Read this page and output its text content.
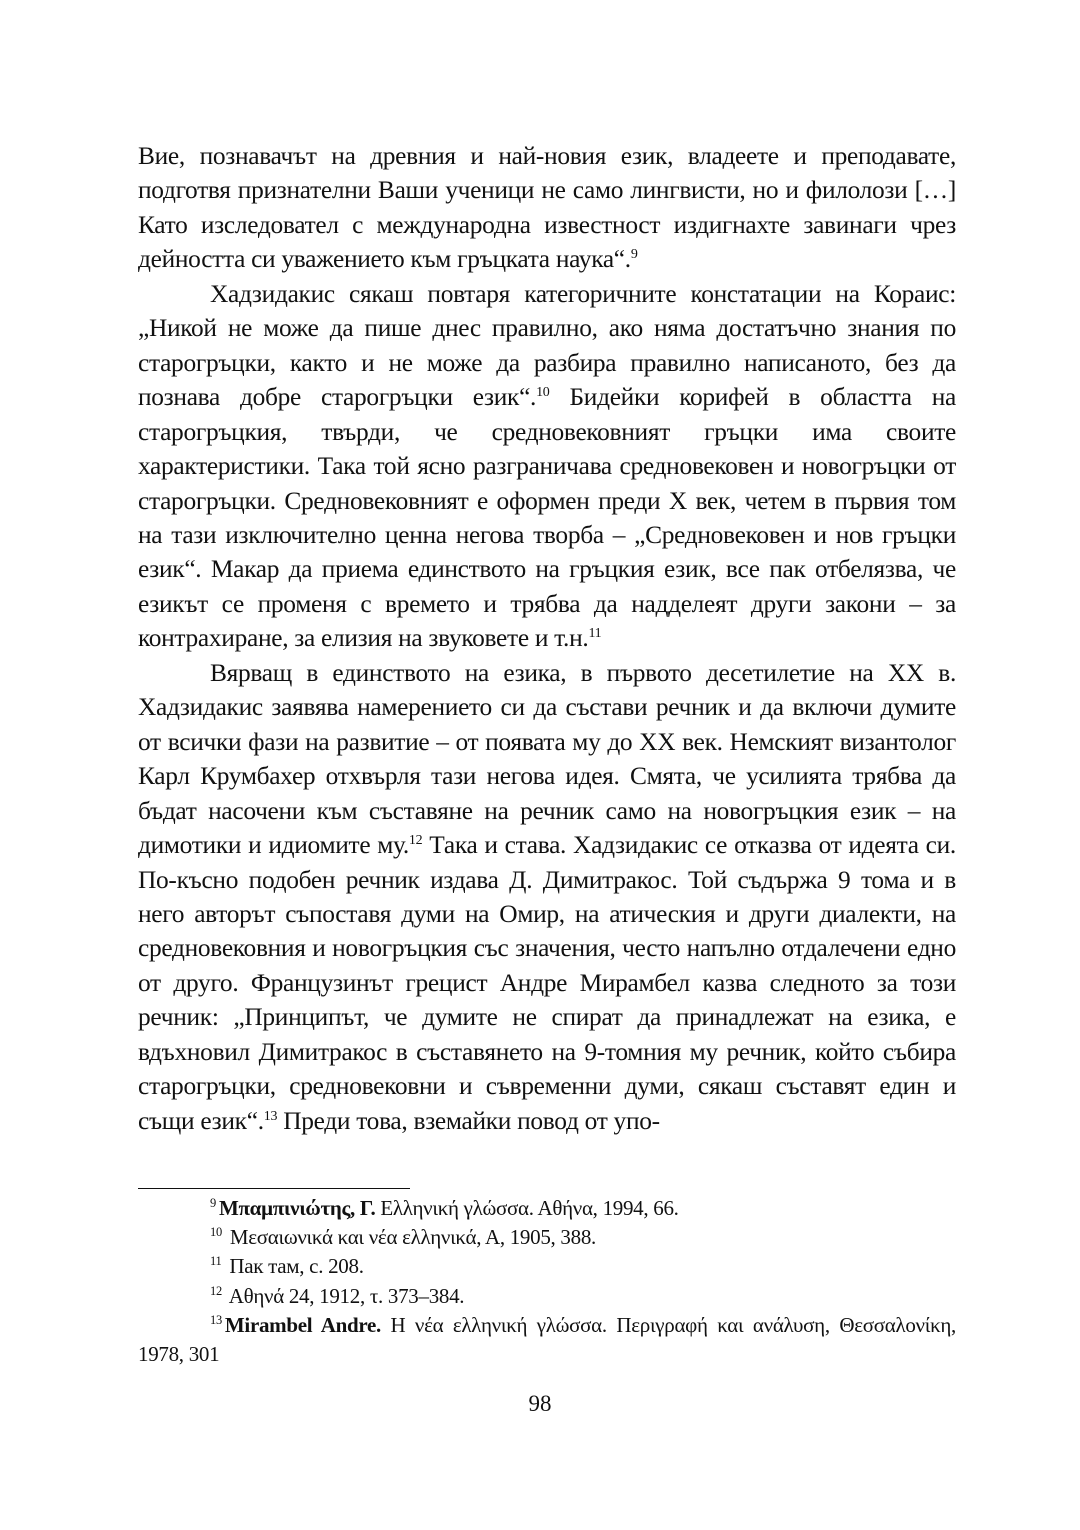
Вие, познавачът на древния и най-новия език, владеете и преподавате, подготвя признателни Ваши ученици не само лингвисти, но и филолози […] Като изследовател с международна известност издигнахте завинаги чрез дейността си уважението към гръцката наука“.$^9$

Хадзидакис сякаш повтаря категоричните констатации на Кораис: „Никой не може да пише днес правилно, ако няма достатъчно знания по старогръцки, както и не може да разбира правилно написаното, без да познава добре старогръцки език“.$^{10}$ Бидейки корифей в областта на старогръцкия, твърди, че средновековният гръцки има своите характеристики. Така той ясно разграничава средновековен и новогръцки от старогръцки. Средновековният е оформен преди X век, четем в първия том на тази изключително ценна негова творба – „Средновековен и нов гръцки език“. Макар да приема единството на гръцкия език, все пак отбелязва, че езикът се променя с времето и трябва да надделеят други закони – за контрахиране, за елизия на звуковете и т.н.$^{11}$

Вярващ в единството на езика, в първото десетилетие на XX в. Хадзидакис заявява намерението си да състави речник и да включи думите от всички фази на развитие – от появата му до XX век. Немският византолог Карл Крумбахер отхвърля тази негова идея. Смята, че усилията трябва да бъдат насочени към съставяне на речник само на новогръцкия език – на димотики и идиомите му.$^{12}$ Така и става. Хадзидакис се отказва от идеята си. По-късно подобен речник издава Д. Димитракос. Той съдържа 9 тома и в него авторът съпоставя думи на Омир, на атическия и други диалекти, на средновековния и новогръцкия със значения, често напълно отдалечени едно от друго. Французинът грецист Андре Мирамбел казва следното за този речник: „Принципът, че думите не спират да принадлежат на езика, е вдъхновил Димитракос в съставянето на 9-томния му речник, който събира старогръцки, средновековни и съвременни думи, сякаш съставят един и същи език“.$^{13}$ Преди това, вземайки повод от упо-

$^9$ Μπαμπινιώτης, Γ. Ελληνική γλώσσα. Αθήνα, 1994, 66.

$^{10}$ Μεσαιωνικά και νέα ελληνικά, Α, 1905, 388.

$^{11}$ Пак там, с. 208.

$^{12}$ Αθηνά 24, 1912, τ. 373–384.

$^{13}$ Mirambel Andre. Η νέα ελληνική γλώσσα. Περιγραφή και ανάλυση, Θεσσαλονίκη, 1978, 301

98
